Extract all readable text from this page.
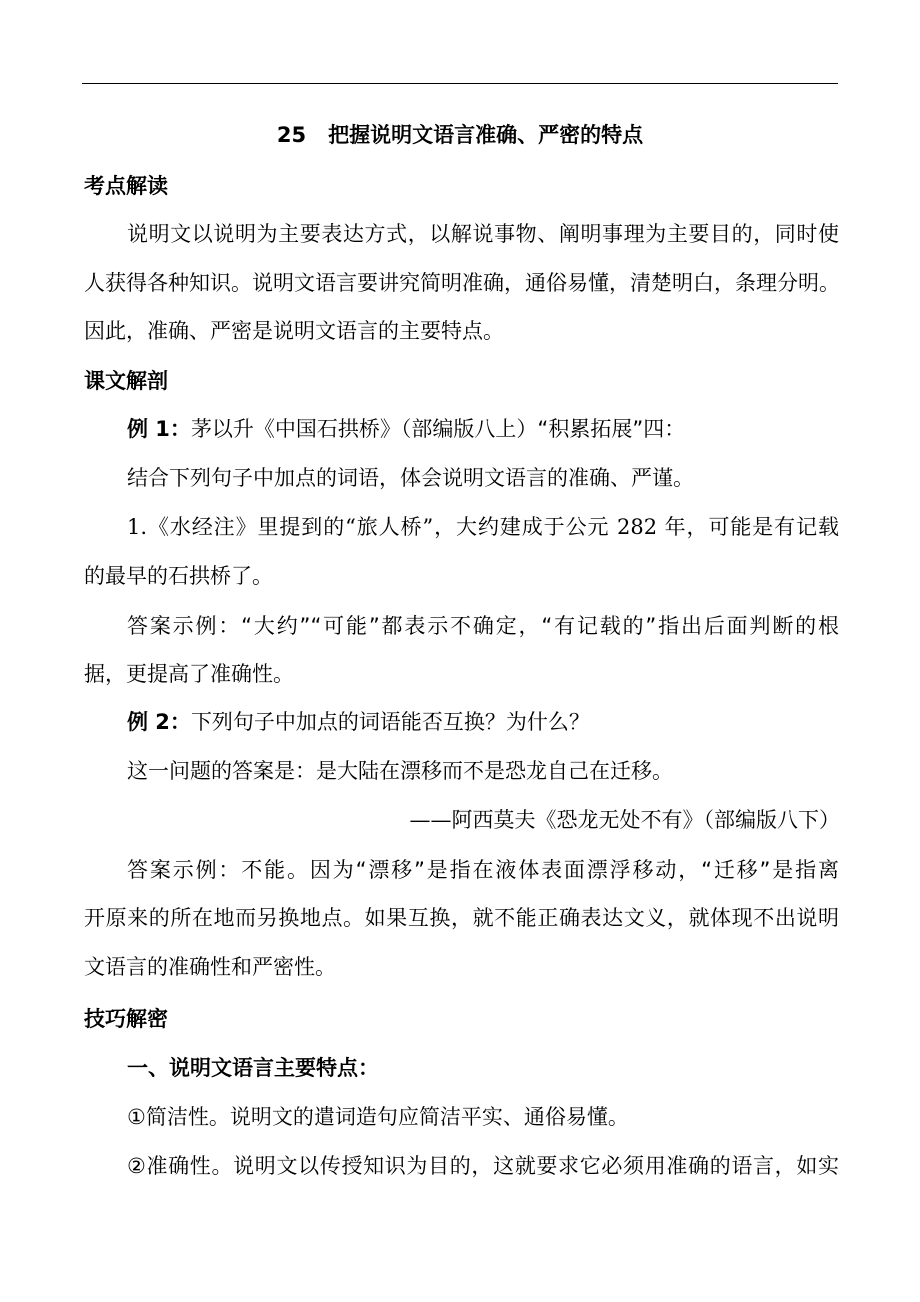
25 把握说明文语言准确、严密的特点
考点解读
说明文以说明为主要表达方式，以解说事物、阐明事理为主要目的，同时使
人获得各种知识。说明文语言要讲究简明准确，通俗易懂，清楚明白，条理分明。
因此，准确、严密是说明文语言的主要特点。
课文解剖
例 1：茅以升《中国石拱桥》（部编版八上）“积累拓展”四：
结合下列句子中加点的词语，体会说明文语言的准确、严谨。
1.《水经注》里提到的“旅人桥”，大约建成于公元 282 年，可能是有记载
的最早的石拱桥了。
答案示例：“大约”“可能”都表示不确定，“有记载的”指出后面判断的根
据，更提高了准确性。
例 2：下列句子中加点的词语能否互换？为什么？
这一问题的答案是：是大陆在漂移而不是恐龙自己在迁移。
——阿西莫夫《恐龙无处不有》（部编版八下）
答案示例：不能。因为“漂移”是指在液体表面漂浮移动，“迁移”是指离
开原来的所在地而另换地点。如果互换，就不能正确表达文义，就体现不出说明
文语言的准确性和严密性。
技巧解密
一、说明文语言主要特点：
①简洁性。说明文的遣词造句应简洁平实、通俗易懂。
②准确性。说明文以传授知识为目的，这就要求它必须用准确的语言，如实
